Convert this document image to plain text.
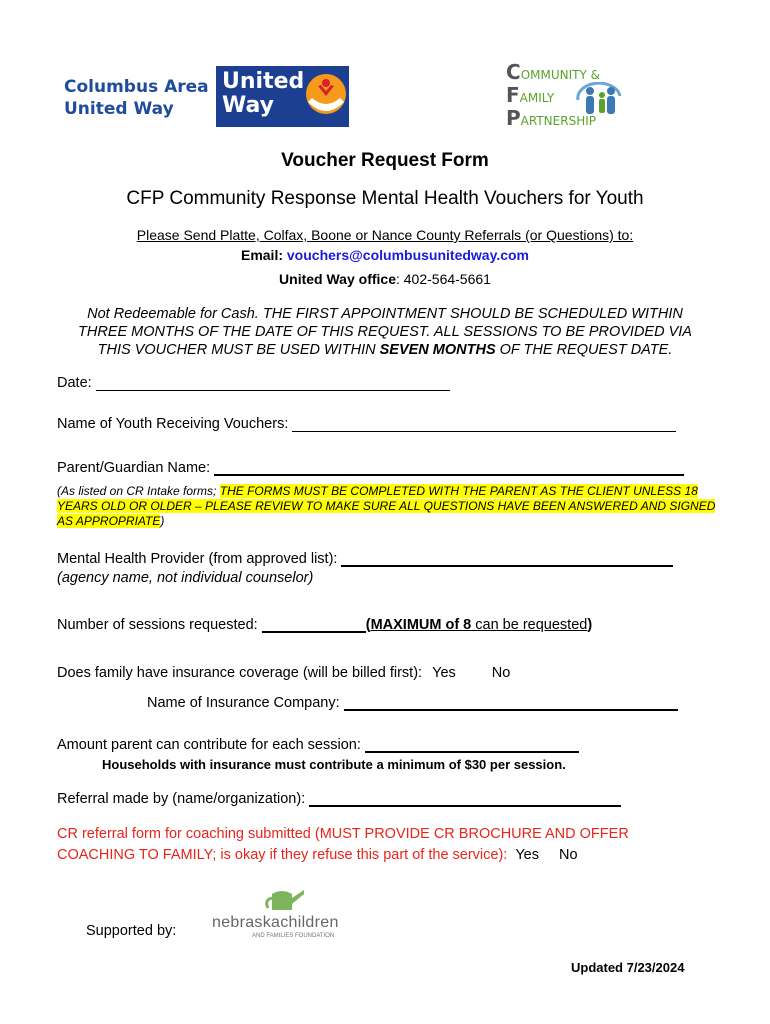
Columbus Area
United Way
United
Way
COMMUNITY &
FAMILY
PARTNERSHIP
Voucher Request Form
CFP Community Response Mental Health Vouchers for Youth
Please Send Platte, Colfax, Boone or Nance County Referrals (or Questions) to:
Email: vouchers@columbusunitedway.com
United Way office: 402-564-5661
Not Redeemable for Cash. THE FIRST APPOINTMENT SHOULD BE SCHEDULED WITHIN
THREE MONTHS OF THE DATE OF THIS REQUEST. ALL SESSIONS TO BE PROVIDED VIA
THIS VOUCHER MUST BE USED WITHIN SEVEN MONTHS OF THE REQUEST DATE.
Date:
Name of Youth Receiving Vouchers:
Parent/Guardian Name:
(As listed on CR Intake forms; THE FORMS MUST BE COMPLETED WITH THE PARENT AS THE CLIENT UNLESS 18 YEARS OLD OR OLDER – PLEASE REVIEW TO MAKE SURE ALL QUESTIONS HAVE BEEN ANSWERED AND SIGNED AS APPROPRIATE)
Mental Health Provider (from approved list):
(agency name, not individual counselor)
Number of sessions requested:	(MAXIMUM of 8 can be requested)
Does family have insurance coverage (will be billed first): Yes No
Name of Insurance Company:
Amount parent can contribute for each session:
Households with insurance must contribute a minimum of $30 per session.
Referral made by (name/organization):
CR referral form for coaching submitted (MUST PROVIDE CR BROCHURE AND OFFER
COACHING TO FAMILY; is okay if they refuse this part of the service): Yes No
Supported by: nebraskachildren
AND FAMILIES FOUNDATION
Updated 7/23/2024
